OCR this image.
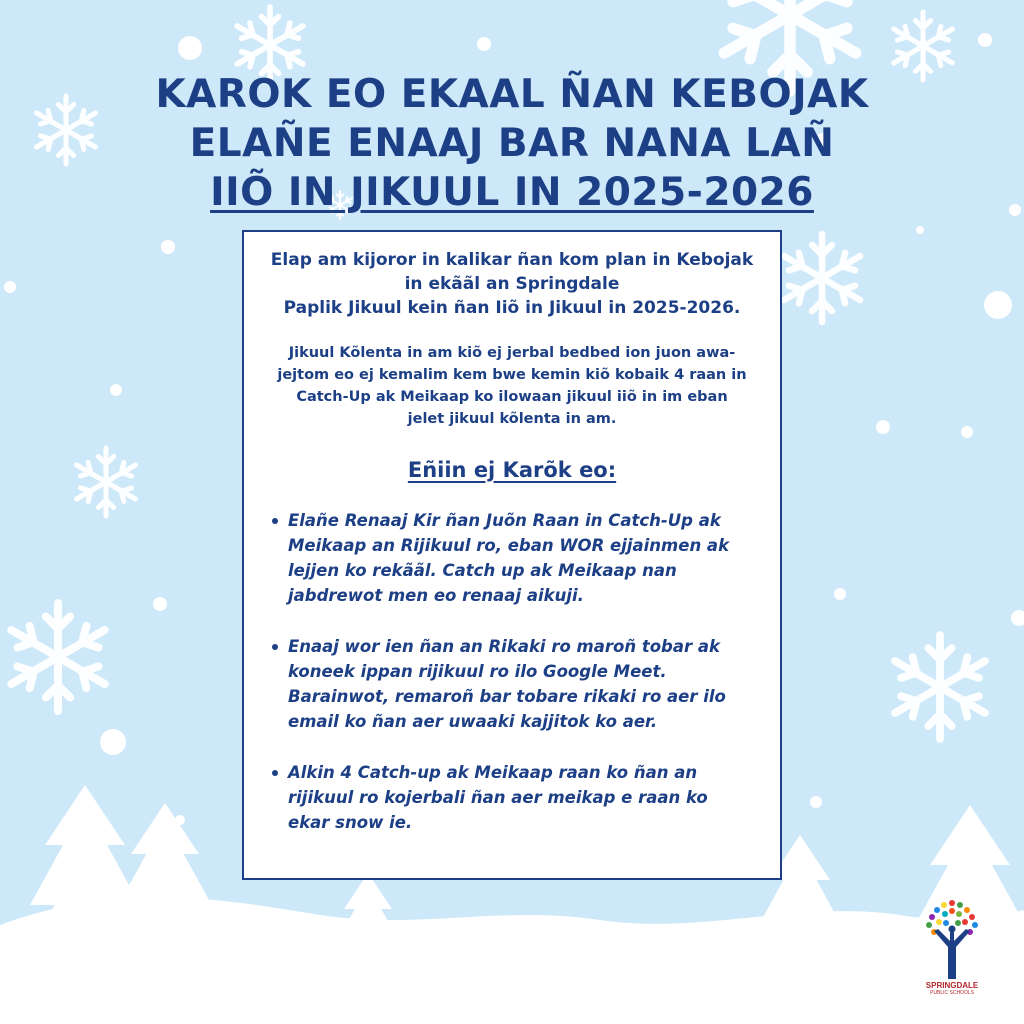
KAROK EO EKAAL ÑAN KEBOJAK
ELAÑE ENAAJ BAR NANA LAÑ
IIÕ IN JIKUUL IN 2025-2026

Elap am kijoror in kalikar ñan kom plan in Kebojak
in ekããl an Springdale
Paplik Jikuul kein ñan Iiõ in Jikuul in 2025-2026.

Jikuul Kõlenta in am kiõ ej jerbal bedbed ion juon awa-
jejtom eo ej kemalim kem bwe kemin kiõ kobaik 4 raan in
Catch-Up ak Meikaap ko ilowaan jikuul iiõ in im eban
jelet jikuul kõlenta in am.

Eñiin ej Karõk eo:
Elañe Renaaj Kir ñan Juõn Raan in Catch-Up ak
Meikaap an Rijikuul ro, eban WOR ejjainmen ak
lejjen ko rekããl. Catch up ak Meikaap nan
jabdrewot men eo renaaj aikuji.
Enaaj wor ien ñan an Rikaki ro maroñ tobar ak
koneek ippan rijikuul ro ilo Google Meet.
Barainwot, remaroñ bar tobare rikaki ro aer ilo
email ko ñan aer uwaaki kajjitok ko aer.
Alkin 4 Catch-up ak Meikaap raan ko ñan an
rijikuul ro kojerbali ñan aer meikap e raan ko
ekar snow ie.
SPRINGDALE
PUBLIC SCHOOLS
